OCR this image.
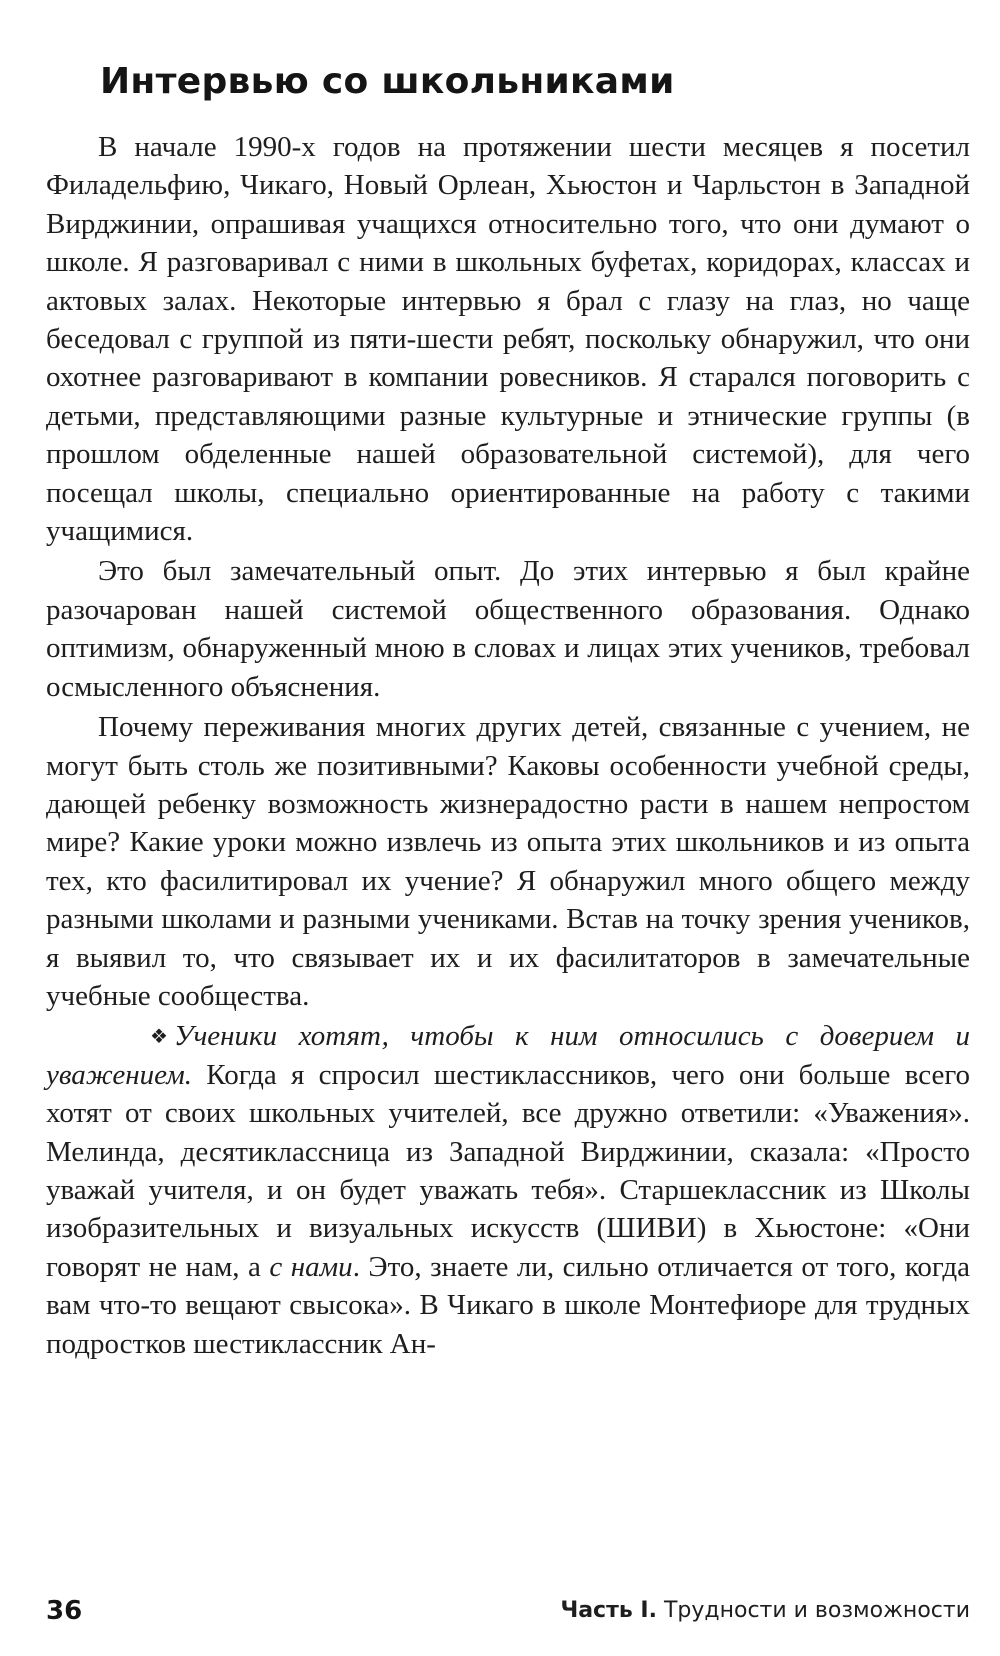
Интервью со школьниками

В начале 1990-х годов на протяжении шести месяцев я посетил Филадельфию, Чикаго, Новый Орлеан, Хьюстон и Чарльстон в Западной Вирджинии, опрашивая учащихся относительно того, что они думают о школе. Я разговаривал с ними в школьных буфетах, коридорах, классах и актовых залах. Некоторые интервью я брал с глазу на глаз, но чаще беседовал с группой из пяти-шести ребят, поскольку обнаружил, что они охотнее разговаривают в компании ровесников. Я старался поговорить с детьми, представляющими разные культурные и этнические группы (в прошлом обделенные нашей образовательной системой), для чего посещал школы, специально ориентированные на работу с такими учащимися.

Это был замечательный опыт. До этих интервью я был крайне разочарован нашей системой общественного образования. Однако оптимизм, обнаруженный мною в словах и лицах этих учеников, требовал осмысленного объяснения.

Почему переживания многих других детей, связанные с учением, не могут быть столь же позитивными? Каковы особенности учебной среды, дающей ребенку возможность жизнерадостно расти в нашем непростом мире? Какие уроки можно извлечь из опыта этих школьников и из опыта тех, кто фасилитировал их учение? Я обнаружил много общего между разными школами и разными учениками. Встав на точку зрения учеников, я выявил то, что связывает их и их фасилитаторов в замечательные учебные сообщества.

❖ Ученики хотят, чтобы к ним относились с доверием и уважением. Когда я спросил шестиклассников, чего они больше всего хотят от своих школьных учителей, все дружно ответили: «Уважения». Мелинда, десятиклассница из Западной Вирджинии, сказала: «Просто уважай учителя, и он будет уважать тебя». Старшеклассник из Школы изобразительных и визуальных искусств (ШИВИ) в Хьюстоне: «Они говорят не нам, а с нами. Это, знаете ли, сильно отличается от того, когда вам что-то вещают свысока». В Чикаго в школе Монтефиоре для трудных подростков шестиклассник Ан-

36	Часть I. Трудности и возможности
